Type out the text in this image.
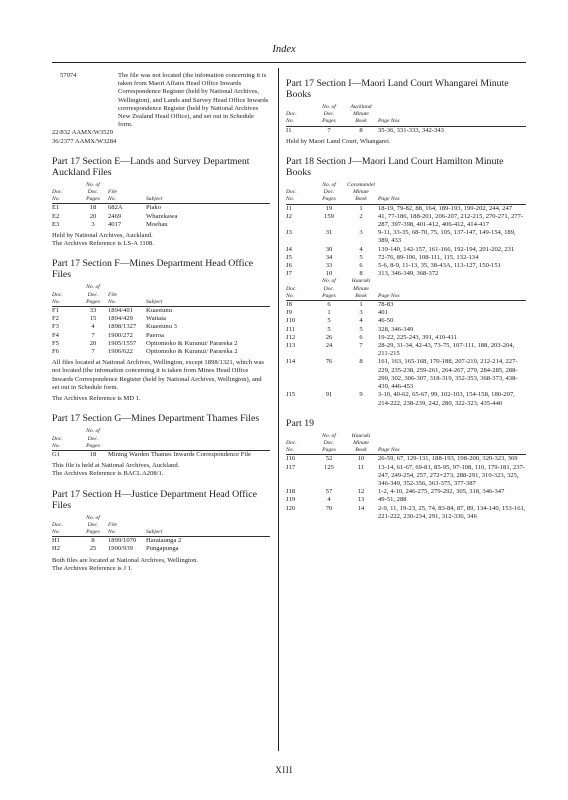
Index
57974	The file was not located (the infomation concerning it is taken from Maori Affairs Head Office Inwards Correspondence Register (held by National Archives, Wellington), and Lands and Survey Head Office Inwards corrrespondence Register (held by National Archives New Zealand Head Office), and set out in Schedule form.
22/832 AAMX/W3529
36/2377 AAMX/W3284
Part 17 Section E—Lands and Survey Department Auckland Files
	No. of		
Doc.	Doc.	File	
No.	Pages	No.	Subject
E1	18	682A	Piako
E2	20	2469	Wharekawa
E3	3	4017	Moehau

Held by National Archives, Auckland.

The Archives Reference is LS-A 1108.

Part 17 Section F—Mines Department Head Office Files
	No. of		
Doc.	Doc.	File	
No.	Pages	No.	Subject
F1	33	1894/401	Kuaotunu
F2	15	1894/429	Waitaia
F3	4	1898/1327	Kuaotunu 3
F4	7	1900/272	Paeroa
F5	20	1905/1557	Opitomoko & Kuranui/ Parareka 2
F6	7	1906/622	Opitomoko & Kuranui/ Parareka 2

All files located at National Archives, Wellington, except 1898/1321, which was not located (the infomation concerning it is taken from Mines Head Office Inwards Correspondence Register (held by National Archives, Wellington), and set out in Schedule form.

The Archives Reference is MD 1.

Part 17 Section G—Mines Department Thames Files
	No. of	
Doc.	Doc.	
No.	Pages	
G1	18	Mining Warden Thames Inwards Correspondence File

This file is held at National Archives, Auckland.

The Archives Reference is BACL A208/1.

Part 17 Section H—Justice Department Head Office Files
	No. of		
Doc.	Doc.	File	
No.	Pages	No.	Subject
H1	8	1899/1070	Harataunga 2
H2	25	1900/939	Pungapunga

Both files are located at National Archives, Wellington.

The Archives Reference is J 1.

Part 17 Section I—Maori Land Court Whangarei Minute Books
	No. of	Auckland	
Doc.	Doc.	Minute	
No.	Pages	Book	Page Nos
I1	7	8	35-36, 331-333, 342-343

Held by Maori Land Court, Whangarei.

Part 18 Section J—Maori Land Court Hamilton Minute Books
	No. of	Coromandel	
Doc.	Doc.	Minute	
No.	Pages	Book	Page Nos
J1	19	1	18-19, 79-82, 88, 164, 189-193, 199-202, 244, 247
J2	159	2	41, 77-186, 188-201, 206-207, 212-215, 270-271, 277-287, 397-398, 401-412, 406-412, 414-417
J3	31	3	9-11, 33-35, 68-70, 75, 105, 137-147, 149-154, 189, 389, 433
J4	30	4	139-140, 142-157, 161-166, 192-194, 201-202, 231
J5	34	5	72-76, 89-106, 108-111, 115, 132-134
J6	33	6	5-6, 8-9, 11-13, 35, 38-43A, 113-127, 150-151
J7	10	8	313, 346-349, 368-372
	No. of	Hauraki	
Doc.	Doc.	Minute	
No.	Pages	Book	Page Nos
J8	6	1	78-83
J9	1	3	401
J10	5	4	46-50
J11	5	5	328, 346-349
J12	26	6	19-22, 225-243, 391, 410-411
J13	24	7	28-29, 31-34, 42-43, 73-75, 107-111, 188, 203-204, 211-215
J14	76	8	161, 163, 165-168, 170-188, 207-210, 212-214, 227-229, 235-238, 259-261, 264-267, 279, 284-285, 288-290, 302, 306-307, 318-319, 352-353, 368-373, 438-439, 446-453
J15	91	9	3-10, 40-62, 65-67, 99, 102-103, 154-158, 180-207, 214-222, 238-239, 242, 280, 322-323, 435-440
Part 19
	No. of	Hauraki	
Doc.	Doc.	Minute	
No.	Pages	Book	Page Nos
J16	52	10	26-59, 67, 129-131, 188-193, 198-200, 320-323, 369
J17	125	11	13-14, 61-67, 69-81, 85-95, 97-108, 110, 179-181, 237-247, 249-254, 257, 272=273, 288-291, 310-323, 325, 346-349, 352-356, 363-375, 377-387
J18	57	12	1-2, 4-10, 246-275, 279-292, 305, 318, 346-347
J19	4	13	49-51, 288
J20	70	14	2-9, 11, 19-23, 25, 74, 83-84, 87, 89, 134-140, 153-161, 221-222, 230-234, 291, 312-336, 346
XIII
